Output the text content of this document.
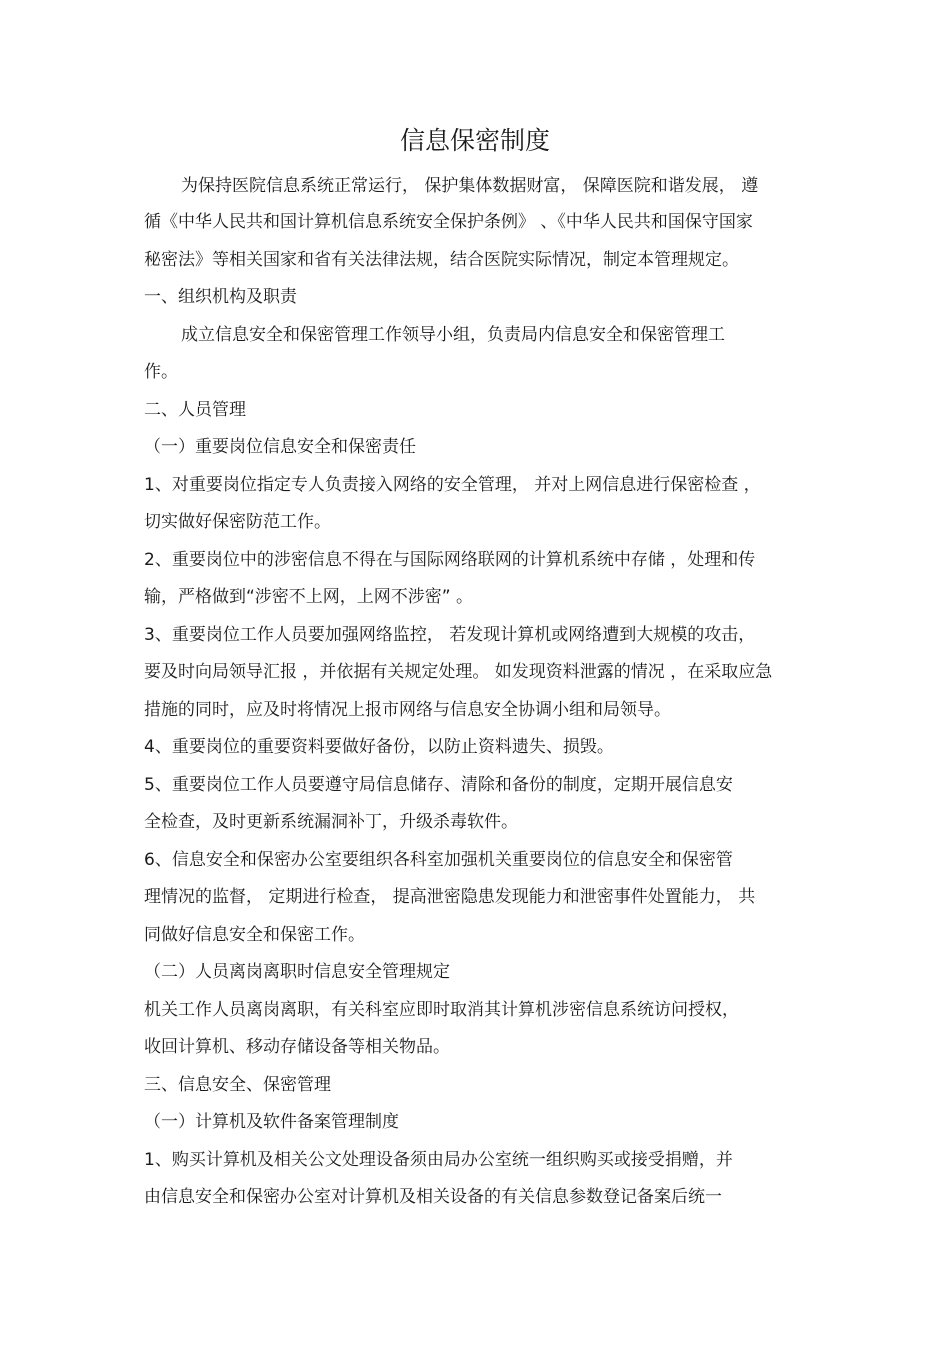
信息保密制度
为保持医院信息系统正常运行， 保护集体数据财富， 保障医院和谐发展， 遵
循《中华人民共和国计算机信息系统安全保护条例》 、《中华人民共和国保守国家
秘密法》等相关国家和省有关法律法规，结合医院实际情况，制定本管理规定。
一、组织机构及职责
成立信息安全和保密管理工作领导小组，负责局内信息安全和保密管理工
作。
二、人员管理
（一）重要岗位信息安全和保密责任
1、对重要岗位指定专人负责接入网络的安全管理， 并对上网信息进行保密检查 ，
切实做好保密防范工作。
2、重要岗位中的涉密信息不得在与国际网络联网的计算机系统中存储 ，处理和传
输，严格做到“涉密不上网，上网不涉密” 。
3、重要岗位工作人员要加强网络监控， 若发现计算机或网络遭到大规模的攻击，
要及时向局领导汇报 ，并依据有关规定处理。 如发现资料泄露的情况 ，在采取应急
措施的同时，应及时将情况上报市网络与信息安全协调小组和局领导。
4、重要岗位的重要资料要做好备份，以防止资料遗失、损毁。
5、重要岗位工作人员要遵守局信息储存、清除和备份的制度，定期开展信息安
全检查，及时更新系统漏洞补丁，升级杀毒软件。
6、信息安全和保密办公室要组织各科室加强机关重要岗位的信息安全和保密管
理情况的监督， 定期进行检查， 提高泄密隐患发现能力和泄密事件处置能力， 共
同做好信息安全和保密工作。
（二）人员离岗离职时信息安全管理规定
机关工作人员离岗离职，有关科室应即时取消其计算机涉密信息系统访问授权，
收回计算机、移动存储设备等相关物品。
三、信息安全、保密管理
（一）计算机及软件备案管理制度
1、购买计算机及相关公文处理设备须由局办公室统一组织购买或接受捐赠，并
由信息安全和保密办公室对计算机及相关设备的有关信息参数登记备案后统一
